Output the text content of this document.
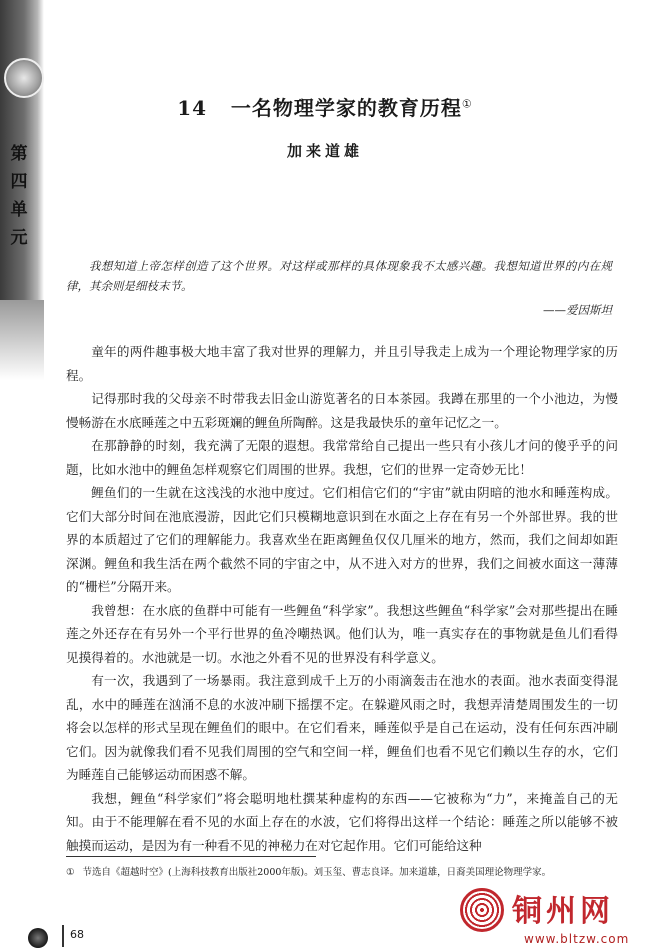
第
四
单
元
14 一名物理学家的教育历程①
加来道雄
我想知道上帝怎样创造了这个世界。对这样或那样的具体现象我不太感兴趣。我想知道世界的内在规律，其余则是细枝末节。
——爱因斯坦

童年的两件趣事极大地丰富了我对世界的理解力，并且引导我走上成为一个理论物理学家的历程。

记得那时我的父母亲不时带我去旧金山游览著名的日本茶园。我蹲在那里的一个小池边，为慢慢畅游在水底睡莲之中五彩斑斓的鲤鱼所陶醉。这是我最快乐的童年记忆之一。

在那静静的时刻，我充满了无限的遐想。我常常给自己提出一些只有小孩儿才问的傻乎乎的问题，比如水池中的鲤鱼怎样观察它们周围的世界。我想，它们的世界一定奇妙无比！

鲤鱼们的一生就在这浅浅的水池中度过。它们相信它们的“宇宙”就由阴暗的池水和睡莲构成。它们大部分时间在池底漫游，因此它们只模糊地意识到在水面之上存在有另一个外部世界。我的世界的本质超过了它们的理解能力。我喜欢坐在距离鲤鱼仅仅几厘米的地方，然而，我们之间却如距深渊。鲤鱼和我生活在两个截然不同的宇宙之中，从不进入对方的世界，我们之间被水面这一薄薄的“栅栏”分隔开来。

我曾想：在水底的鱼群中可能有一些鲤鱼“科学家”。我想这些鲤鱼“科学家”会对那些提出在睡莲之外还存在有另外一个平行世界的鱼冷嘲热讽。他们认为，唯一真实存在的事物就是鱼儿们看得见摸得着的。水池就是一切。水池之外看不见的世界没有科学意义。

有一次，我遇到了一场暴雨。我注意到成千上万的小雨滴轰击在池水的表面。池水表面变得混乱，水中的睡莲在汹涌不息的水波冲刷下摇摆不定。在躲避风雨之时，我想弄清楚周围发生的一切将会以怎样的形式呈现在鲤鱼们的眼中。在它们看来，睡莲似乎是自己在运动，没有任何东西冲刷它们。因为就像我们看不见我们周围的空气和空间一样，鲤鱼们也看不见它们赖以生存的水，它们为睡莲自己能够运动而困惑不解。

我想，鲤鱼“科学家们”将会聪明地杜撰某种虚构的东西——它被称为“力”，来掩盖自己的无知。由于不能理解在看不见的水面上存在的水波，它们将得出这样一个结论：睡莲之所以能够不被触摸而运动，是因为有一种看不见的神秘力在对它起作用。它们可能给这种

① 节选自《超越时空》(上海科技教育出版社2000年版)。刘玉玺、曹志良译。加来道雄，日裔美国理论物理学家。
68
铜州网
www.bltzw.com
